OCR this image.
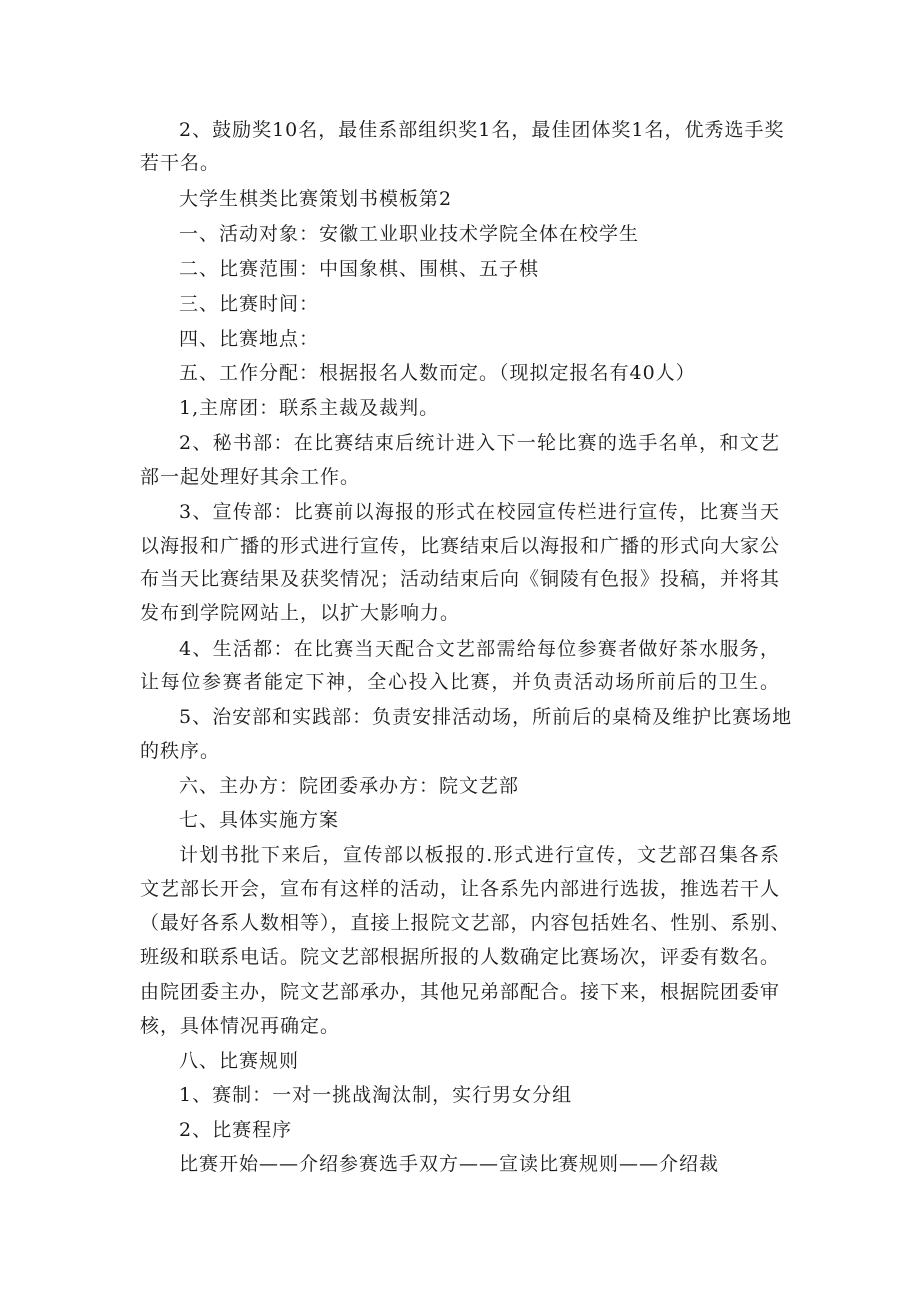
2、鼓励奖10名，最佳系部组织奖1名，最佳团体奖1名，优秀选手奖
若干名。
大学生棋类比赛策划书模板第2
一、活动对象：安徽工业职业技术学院全体在校学生
二、比赛范围：中国象棋、围棋、五子棋
三、比赛时间：
四、比赛地点：
五、工作分配：根据报名人数而定。（现拟定报名有40人）
1,主席团：联系主裁及裁判。
2、秘书部：在比赛结束后统计进入下一轮比赛的选手名单，和文艺
部一起处理好其余工作。
3、宣传部：比赛前以海报的形式在校园宣传栏进行宣传，比赛当天
以海报和广播的形式进行宣传，比赛结束后以海报和广播的形式向大家公
布当天比赛结果及获奖情况；活动结束后向《铜陵有色报》投稿，并将其
发布到学院网站上，以扩大影响力。
4、生活都：在比赛当天配合文艺部需给每位参赛者做好茶水服务，
让每位参赛者能定下神，全心投入比赛，并负责活动场所前后的卫生。
5、治安部和实践部：负责安排活动场，所前后的桌椅及维护比赛场地
的秩序。
六、主办方：院团委承办方：院文艺部
七、具体实施方案
计划书批下来后，宣传部以板报的.形式进行宣传，文艺部召集各系
文艺部长开会，宣布有这样的活动，让各系先内部进行选拔，推选若干人
（最好各系人数相等），直接上报院文艺部，内容包括姓名、性别、系别、
班级和联系电话。院文艺部根据所报的人数确定比赛场次，评委有数名。
由院团委主办，院文艺部承办，其他兄弟部配合。接下来，根据院团委审
核，具体情况再确定。
八、比赛规则
1、赛制：一对一挑战淘汰制，实行男女分组
2、比赛程序
比赛开始——介绍参赛选手双方——宣读比赛规则——介绍裁
